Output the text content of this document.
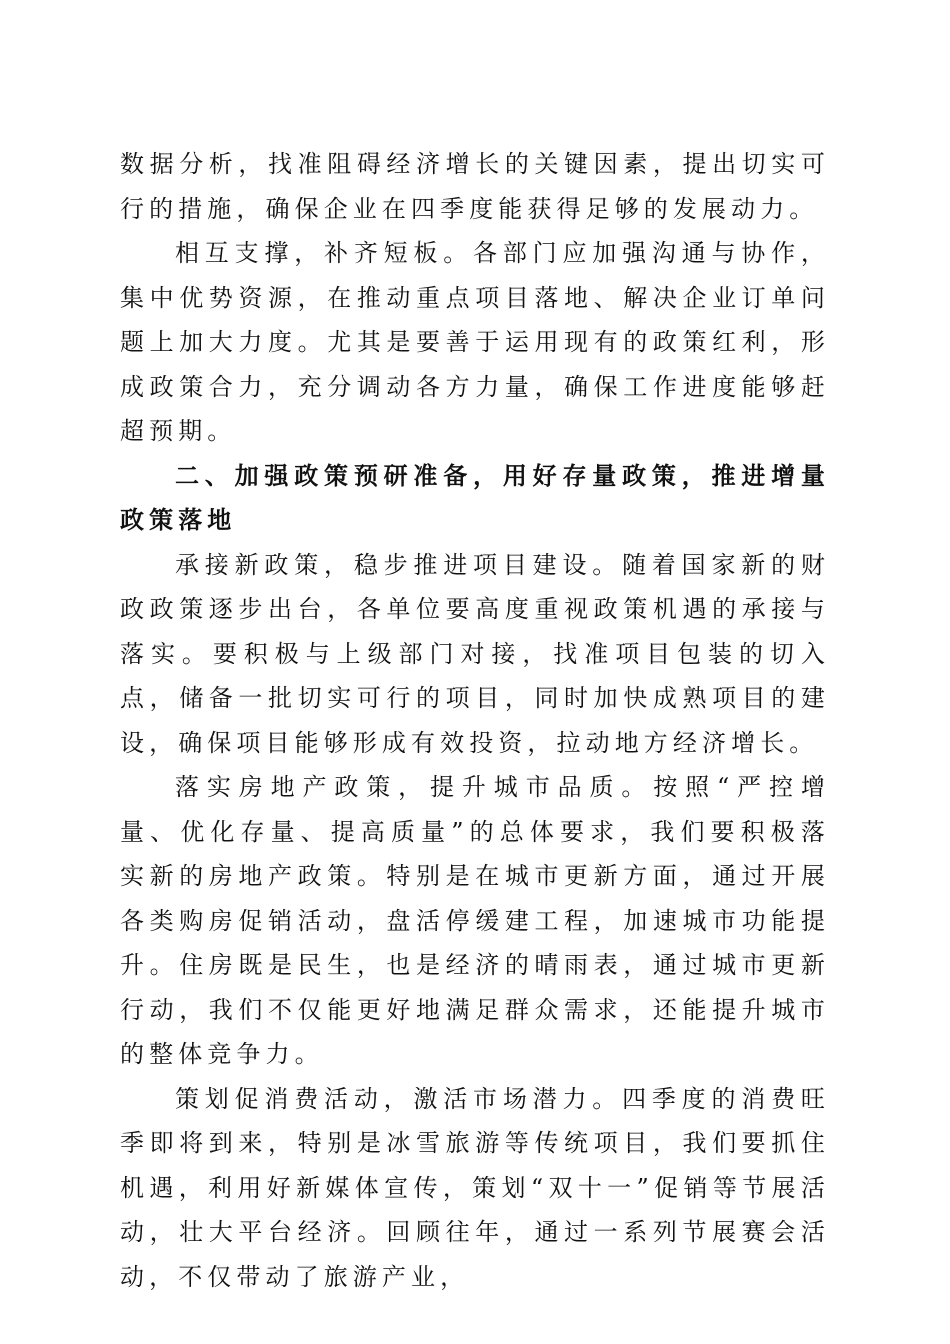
数据分析，找准阻碍经济增长的关键因素，提出切实可行的措施，确保企业在四季度能获得足够的发展动力。

相互支撑，补齐短板。各部门应加强沟通与协作，集中优势资源，在推动重点项目落地、解决企业订单问题上加大力度。尤其是要善于运用现有的政策红利，形成政策合力，充分调动各方力量，确保工作进度能够赶超预期。

二、加强政策预研准备，用好存量政策，推进增量政策落地

承接新政策，稳步推进项目建设。随着国家新的财政政策逐步出台，各单位要高度重视政策机遇的承接与落实。要积极与上级部门对接，找准项目包装的切入点，储备一批切实可行的项目，同时加快成熟项目的建设，确保项目能够形成有效投资，拉动地方经济增长。

落实房地产政策，提升城市品质。按照“严控增量、优化存量、提高质量”的总体要求，我们要积极落实新的房地产政策。特别是在城市更新方面，通过开展各类购房促销活动，盘活停缓建工程，加速城市功能提升。住房既是民生，也是经济的晴雨表，通过城市更新行动，我们不仅能更好地满足群众需求，还能提升城市的整体竞争力。

策划促消费活动，激活市场潜力。四季度的消费旺季即将到来，特别是冰雪旅游等传统项目，我们要抓住机遇，利用好新媒体宣传，策划“双十一”促销等节展活动，壮大平台经济。回顾往年，通过一系列节展赛会活动，不仅带动了旅游产业，
